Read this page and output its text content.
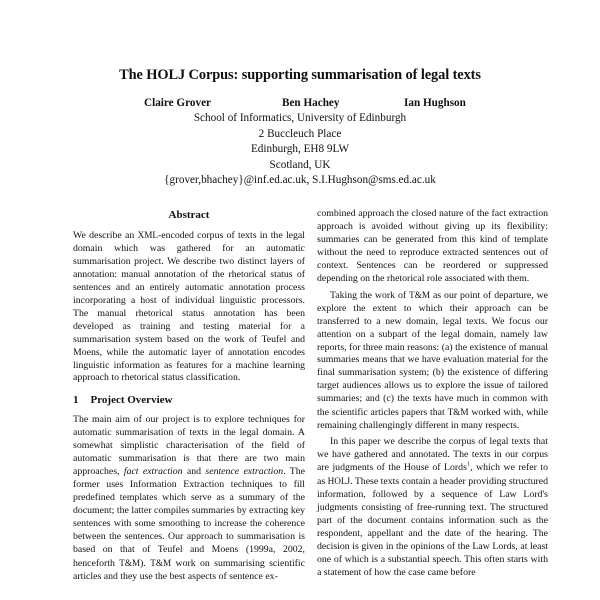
The HOLJ Corpus: supporting summarisation of legal texts
Claire Grover	Ben Hachey	Ian Hughson
School of Informatics, University of Edinburgh
2 Buccleuch Place
Edinburgh, EH8 9LW
Scotland, UK
{grover,bhachey}@inf.ed.ac.uk, S.I.Hughson@sms.ed.ac.uk
Abstract

We describe an XML-encoded corpus of texts in the legal domain which was gathered for an automatic summarisation project. We describe two distinct layers of annotation: manual annotation of the rhetorical status of sentences and an entirely automatic annotation process incorporating a host of individual linguistic processors. The manual rhetorical status annotation has been developed as training and testing material for a summarisation system based on the work of Teufel and Moens, while the automatic layer of annotation encodes linguistic information as features for a machine learning approach to rhetorical status classification.

1 Project Overview

The main aim of our project is to explore techniques for automatic summarisation of texts in the legal domain. A somewhat simplistic characterisation of the field of automatic summarisation is that there are two main approaches, fact extraction and sentence extraction. The former uses Information Extraction techniques to fill predefined templates which serve as a summary of the document; the latter compiles summaries by extracting key sentences with some smoothing to increase the coherence between the sentences. Our approach to summarisation is based on that of Teufel and Moens (1999a, 2002, henceforth T&M). T&M work on summarising scientific articles and they use the best aspects of sentence ex-

combined approach the closed nature of the fact extraction approach is avoided without giving up its flexibility: summaries can be generated from this kind of template without the need to reproduce extracted sentences out of context. Sentences can be reordered or suppressed depending on the rhetorical role associated with them.

Taking the work of T&M as our point of departure, we explore the extent to which their approach can be transferred to a new domain, legal texts. We focus our attention on a subpart of the legal domain, namely law reports, for three main reasons: (a) the existence of manual summaries means that we have evaluation material for the final summarisation system; (b) the existence of differing target audiences allows us to explore the issue of tailored summaries; and (c) the texts have much in common with the scientific articles papers that T&M worked with, while remaining challengingly different in many respects.

In this paper we describe the corpus of legal texts that we have gathered and annotated. The texts in our corpus are judgments of the House of Lords$^1$, which we refer to as HOLJ. These texts contain a header providing structured information, followed by a sequence of Law Lord's judgments consisting of free-running text. The structured part of the document contains information such as the respondent, appellant and the date of the hearing. The decision is given in the opinions of the Law Lords, at least one of which is a substantial speech. This often starts with a statement of how the case came before
